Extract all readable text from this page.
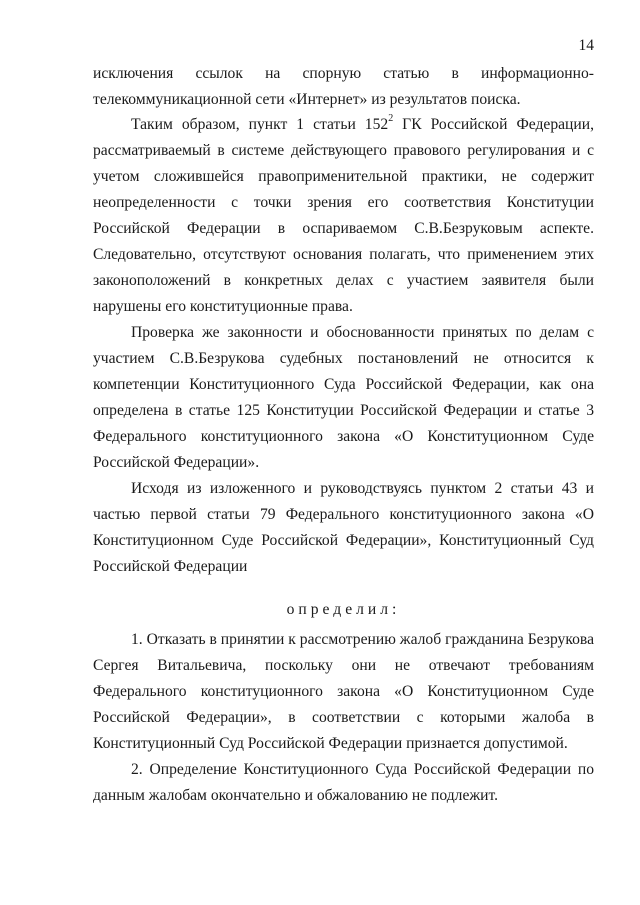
14

исключения ссылок на спорную статью в информационно-телекоммуникационной сети «Интернет» из результатов поиска.

Таким образом, пункт 1 статьи $152^2$ ГК Российской Федерации, рассматриваемый в системе действующего правового регулирования и с учетом сложившейся правоприменительной практики, не содержит неопределенности с точки зрения его соответствия Конституции Российской Федерации в оспариваемом С.В.Безруковым аспекте. Следовательно, отсутствуют основания полагать, что применением этих законоположений в конкретных делах с участием заявителя были нарушены его конституционные права.

Проверка же законности и обоснованности принятых по делам с участием С.В.Безрукова судебных постановлений не относится к компетенции Конституционного Суда Российской Федерации, как она определена в статье 125 Конституции Российской Федерации и статье 3 Федерального конституционного закона «О Конституционном Суде Российской Федерации».

Исходя из изложенного и руководствуясь пунктом 2 статьи 43 и частью первой статьи 79 Федерального конституционного закона «О Конституционном Суде Российской Федерации», Конституционный Суд Российской Федерации

определил:

1. Отказать в принятии к рассмотрению жалоб гражданина Безрукова Сергея Витальевича, поскольку они не отвечают требованиям Федерального конституционного закона «О Конституционном Суде Российской Федерации», в соответствии с которыми жалоба в Конституционный Суд Российской Федерации признается допустимой.

2. Определение Конституционного Суда Российской Федерации по данным жалобам окончательно и обжалованию не подлежит.
